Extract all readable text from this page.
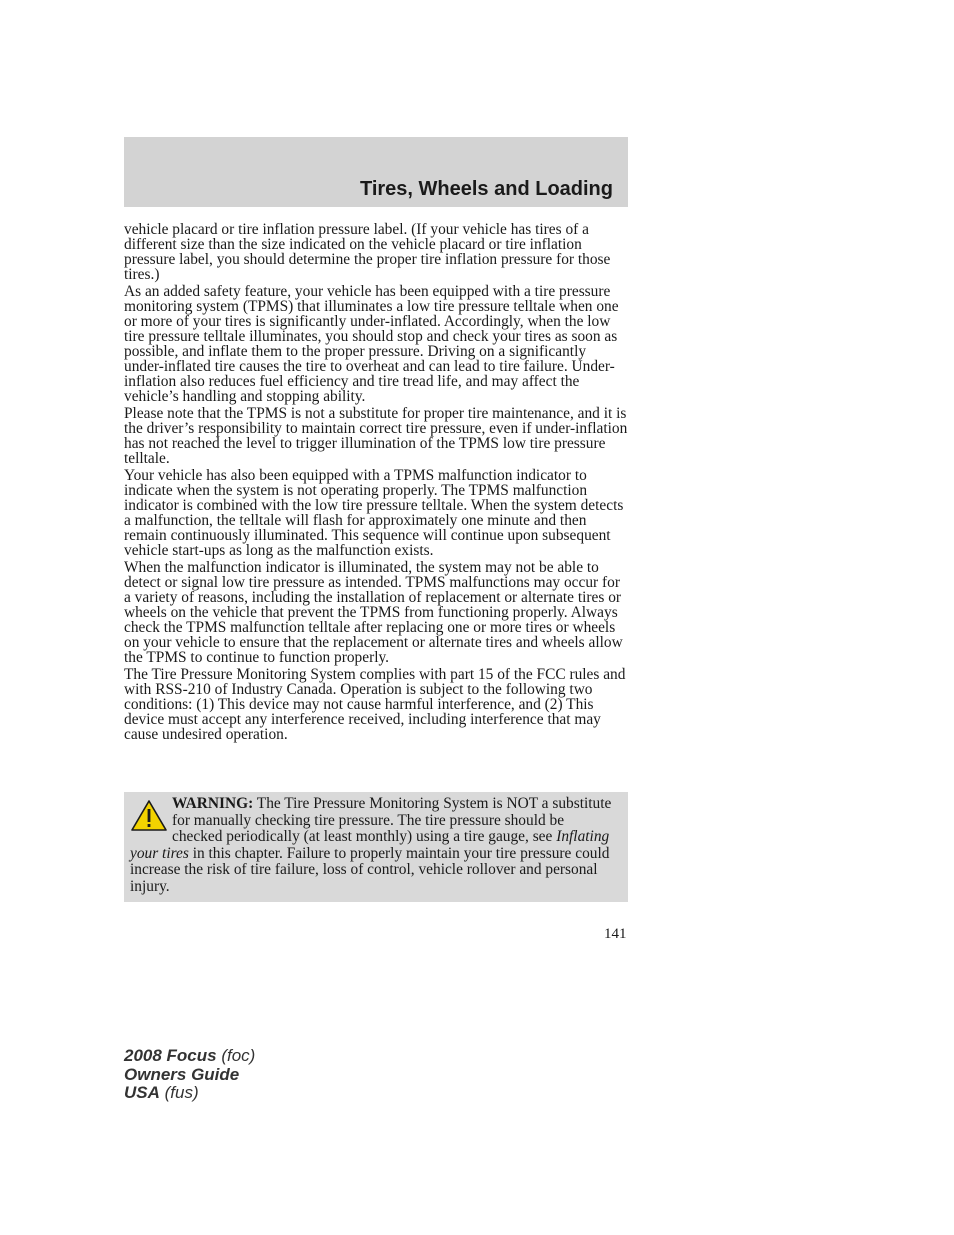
Tires, Wheels and Loading

vehicle placard or tire inflation pressure label. (If your vehicle has tires of a different size than the size indicated on the vehicle placard or tire inflation pressure label, you should determine the proper tire inflation pressure for those tires.)

As an added safety feature, your vehicle has been equipped with a tire pressure monitoring system (TPMS) that illuminates a low tire pressure telltale when one or more of your tires is significantly under-inflated. Accordingly, when the low tire pressure telltale illuminates, you should stop and check your tires as soon as possible, and inflate them to the proper pressure. Driving on a significantly under-inflated tire causes the tire to overheat and can lead to tire failure. Under-inflation also reduces fuel efficiency and tire tread life, and may affect the vehicle’s handling and stopping ability.

Please note that the TPMS is not a substitute for proper tire maintenance, and it is the driver’s responsibility to maintain correct tire pressure, even if under-inflation has not reached the level to trigger illumination of the TPMS low tire pressure telltale.

Your vehicle has also been equipped with a TPMS malfunction indicator to indicate when the system is not operating properly. The TPMS malfunction indicator is combined with the low tire pressure telltale. When the system detects a malfunction, the telltale will flash for approximately one minute and then remain continuously illuminated. This sequence will continue upon subsequent vehicle start-ups as long as the malfunction exists.

When the malfunction indicator is illuminated, the system may not be able to detect or signal low tire pressure as intended. TPMS malfunctions may occur for a variety of reasons, including the installation of replacement or alternate tires or wheels on the vehicle that prevent the TPMS from functioning properly. Always check the TPMS malfunction telltale after replacing one or more tires or wheels on your vehicle to ensure that the replacement or alternate tires and wheels allow the TPMS to continue to function properly.

The Tire Pressure Monitoring System complies with part 15 of the FCC rules and with RSS-210 of Industry Canada. Operation is subject to the following two conditions: (1) This device may not cause harmful interference, and (2) This device must accept any interference received, including interference that may cause undesired operation.

WARNING: The Tire Pressure Monitoring System is NOT a substitute for manually checking tire pressure. The tire pressure should be checked periodically (at least monthly) using a tire gauge, see Inflating your tires in this chapter. Failure to properly maintain your tire pressure could increase the risk of tire failure, loss of control, vehicle rollover and personal injury.
141
2008 Focus (foc)
Owners Guide
USA (fus)
